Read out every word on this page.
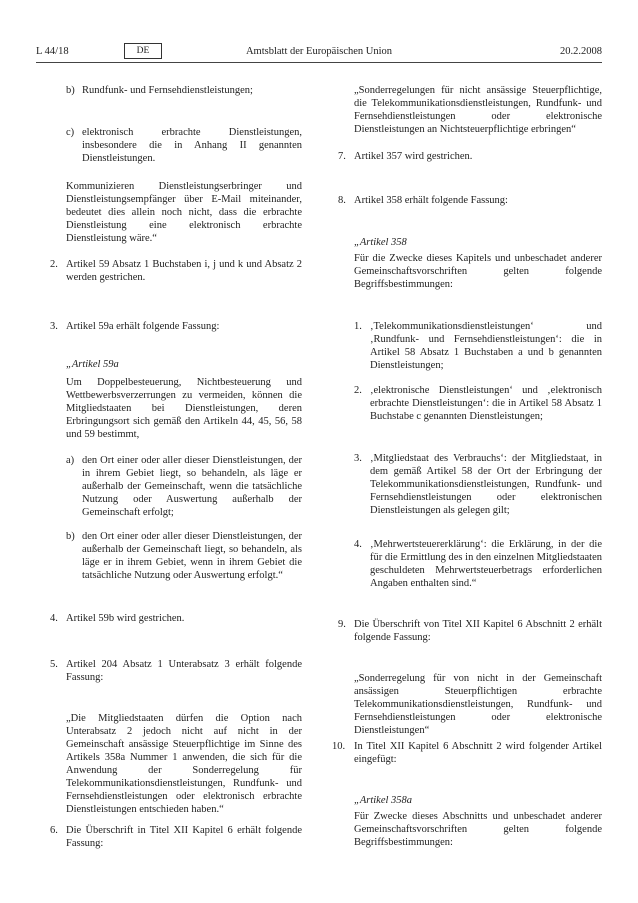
L 44/18	DE	Amtsblatt der Europäischen Union	20.2.2008
b) Rundfunk- und Fernsehdienstleistungen;
c) elektronisch erbrachte Dienstleistungen, insbesondere die in Anhang II genannten Dienstleistungen.
Kommunizieren Dienstleistungserbringer und Dienstleistungsempfänger über E-Mail miteinander, bedeutet dies allein noch nicht, dass die erbrachte Dienstleistung eine elektronisch erbrachte Dienstleistung wäre.“
2. Artikel 59 Absatz 1 Buchstaben i, j und k und Absatz 2 werden gestrichen.
3. Artikel 59a erhält folgende Fassung:
„Artikel 59a
Um Doppelbesteuerung, Nichtbesteuerung und Wettbewerbsverzerrungen zu vermeiden, können die Mitgliedstaaten bei Dienstleistungen, deren Erbringungsort sich gemäß den Artikeln 44, 45, 56, 58 und 59 bestimmt,
a) den Ort einer oder aller dieser Dienstleistungen, der in ihrem Gebiet liegt, so behandeln, als läge er außerhalb der Gemeinschaft, wenn die tatsächliche Nutzung oder Auswertung außerhalb der Gemeinschaft erfolgt;
b) den Ort einer oder aller dieser Dienstleistungen, der außerhalb der Gemeinschaft liegt, so behandeln, als läge er in ihrem Gebiet, wenn in ihrem Gebiet die tatsächliche Nutzung oder Auswertung erfolgt.“
4. Artikel 59b wird gestrichen.
5. Artikel 204 Absatz 1 Unterabsatz 3 erhält folgende Fassung:
„Die Mitgliedstaaten dürfen die Option nach Unterabsatz 2 jedoch nicht auf nicht in der Gemeinschaft ansässige Steuerpflichtige im Sinne des Artikels 358a Nummer 1 anwenden, die sich für die Anwendung der Sonderregelung für Telekommunikationsdienstleistungen, Rundfunk- und Fernsehdienstleistungen oder elektronisch erbrachte Dienstleistungen entschieden haben.“
6. Die Überschrift in Titel XII Kapitel 6 erhält folgende Fassung:
„Sonderregelungen für nicht ansässige Steuerpflichtige, die Telekommunikationsdienstleistungen, Rundfunk- und Fernsehdienstleistungen oder elektronische Dienstleistungen an Nichtsteuerpflichtige erbringen“
7. Artikel 357 wird gestrichen.
8. Artikel 358 erhält folgende Fassung:
„Artikel 358
Für die Zwecke dieses Kapitels und unbeschadet anderer Gemeinschaftsvorschriften gelten folgende Begriffsbestimmungen:
1. ‚Telekommunikationsdienstleistungen‘ und ‚Rundfunk- und Fernsehdienstleistungen‘: die in Artikel 58 Absatz 1 Buchstaben a und b genannten Dienstleistungen;
2. ‚elektronische Dienstleistungen‘ und ‚elektronisch erbrachte Dienstleistungen‘: die in Artikel 58 Absatz 1 Buchstabe c genannten Dienstleistungen;
3. ‚Mitgliedstaat des Verbrauchs‘: der Mitgliedstaat, in dem gemäß Artikel 58 der Ort der Erbringung der Telekommunikationsdienstleistungen, Rundfunk- und Fernsehdienstleistungen oder elektronischen Dienstleistungen als gelegen gilt;
4. ‚Mehrwertsteuererklärung‘: die Erklärung, in der die für die Ermittlung des in den einzelnen Mitgliedstaaten geschuldeten Mehrwertsteuerbetrags erforderlichen Angaben enthalten sind.“
9. Die Überschrift von Titel XII Kapitel 6 Abschnitt 2 erhält folgende Fassung:
„Sonderregelung für von nicht in der Gemeinschaft ansässigen Steuerpflichtigen erbrachte Telekommunikationsdienstleistungen, Rundfunk- und Fernsehdienstleistungen oder elektronische Dienstleistungen“
10. In Titel XII Kapitel 6 Abschnitt 2 wird folgender Artikel eingefügt:
„Artikel 358a
Für Zwecke dieses Abschnitts und unbeschadet anderer Gemeinschaftsvorschriften gelten folgende Begriffsbestimmungen:
